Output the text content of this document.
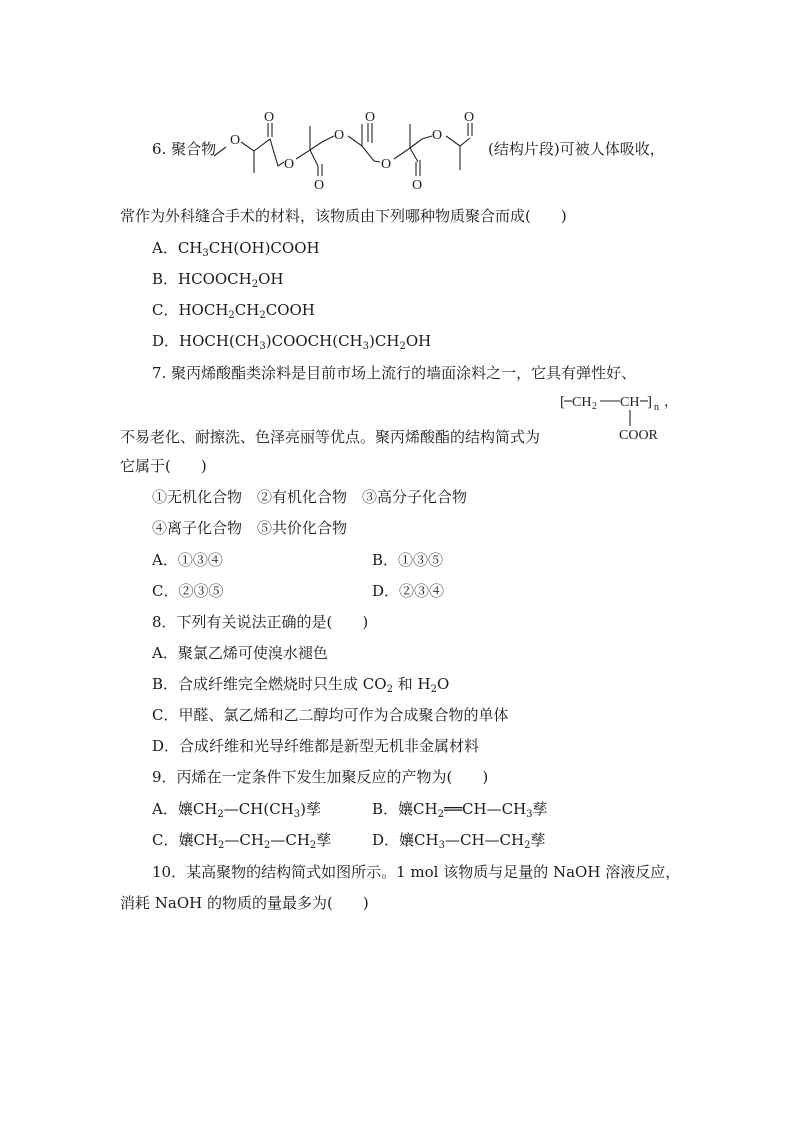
6. 聚合物 O
O
O
O
O
O	O	O
O	O
(结构片段)可被人体吸收，
常作为外科缝合手术的材料，该物质由下列哪种物质聚合而成(　　)
A．$CH_3CH(OH)COOH$
B．$HCOOCH_2OH$
C．$HOCH_2CH_2COOH$
D．$HOCH(CH_3)COOCH(CH_3)CH_2OH$
7. 聚丙烯酸酯类涂料是目前市场上流行的墙面涂料之一，它具有弹性好、
[ CH 2 CH ] n ，
COOR
不易老化、耐擦洗、色泽亮丽等优点。聚丙烯酸酯的结构简式为
它属于(　　)
①无机化合物　②有机化合物　③高分子化合物
④离子化合物　⑤共价化合物
A．①③④	B．①③⑤
C．②③⑤	D．②③④
8．下列有关说法正确的是(　　)
A．聚氯乙烯可使溴水褪色
B．合成纤维完全燃烧时只生成 $CO_2$ 和 $H_2O$
C．甲醛、氯乙烯和乙二醇均可作为合成聚合物的单体
D．合成纤维和光导纤维都是新型无机非金属材料
9．丙烯在一定条件下发生加聚反应的产物为(　　)
A．孃$CH_2—CH(CH_3)$孳	B．孃$CH_2══CH—CH_3$孳
C．孃$CH_2—CH_2—CH_2$孳	D．孃$CH_3—CH—CH_2$孳
10．某高聚物的结构简式如图所示。1 mol 该物质与足量的 NaOH 溶液反应，
消耗 NaOH 的物质的量最多为(　　)
